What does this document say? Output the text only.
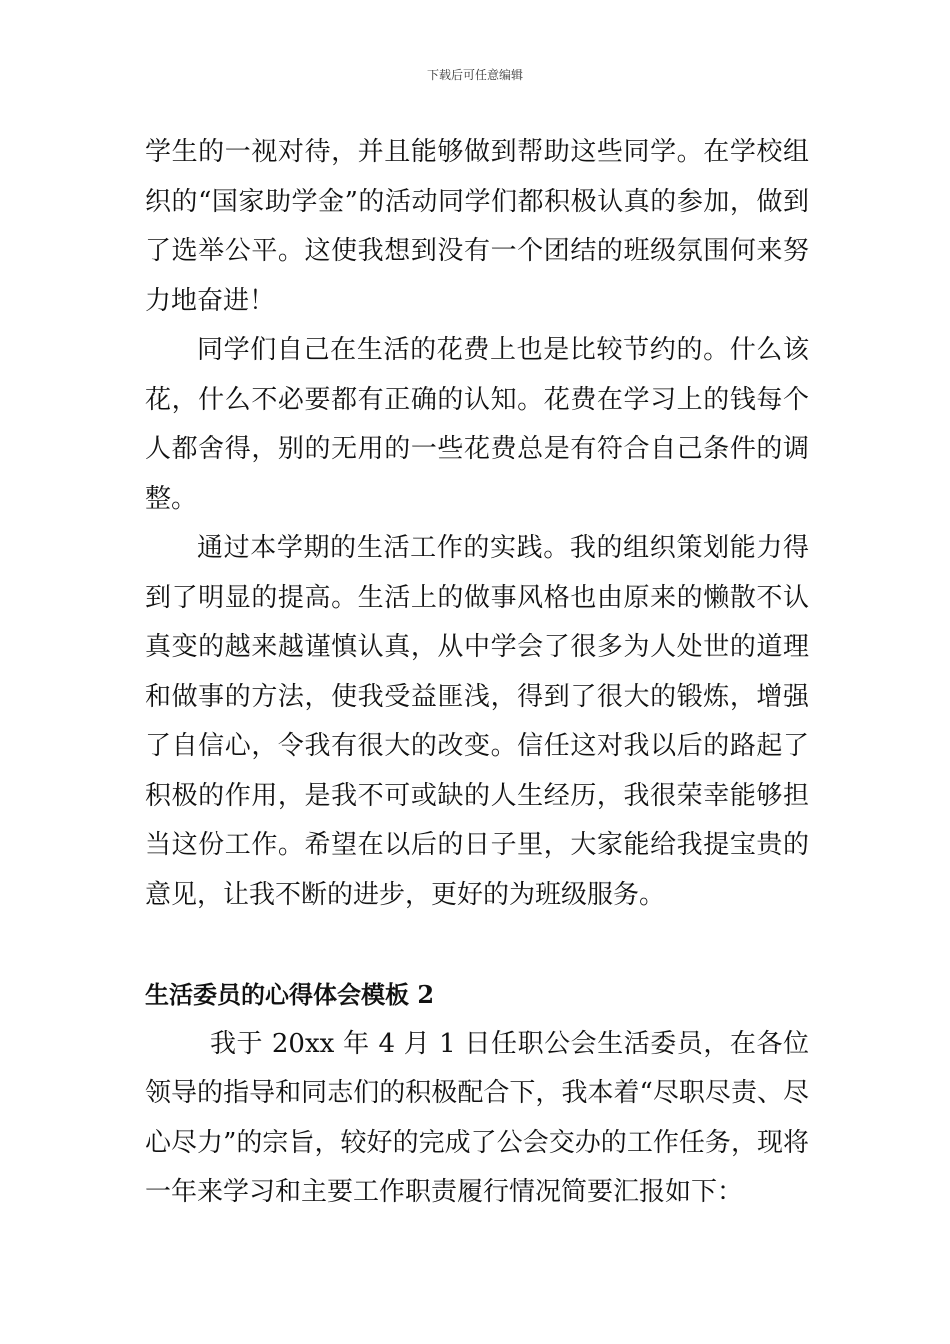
下载后可任意编辑

学生的一视对待，并且能够做到帮助这些同学。在学校组织的“国家助学金”的活动同学们都积极认真的参加，做到了选举公平。这使我想到没有一个团结的班级氛围何来努力地奋进！

同学们自己在生活的花费上也是比较节约的。什么该花，什么不必要都有正确的认知。花费在学习上的钱每个人都舍得，别的无用的一些花费总是有符合自己条件的调整。

通过本学期的生活工作的实践。我的组织策划能力得到了明显的提高。生活上的做事风格也由原来的懒散不认真变的越来越谨慎认真，从中学会了很多为人处世的道理和做事的方法，使我受益匪浅，得到了很大的锻炼，增强了自信心，令我有很大的改变。信任这对我以后的路起了积极的作用，是我不可或缺的人生经历，我很荣幸能够担当这份工作。希望在以后的日子里，大家能给我提宝贵的意见，让我不断的进步，更好的为班级服务。

生活委员的心得体会模板 2

我于 20xx 年 4 月 1 日任职公会生活委员，在各位领导的指导和同志们的积极配合下，我本着“尽职尽责、尽心尽力”的宗旨，较好的完成了公会交办的工作任务，现将一年来学习和主要工作职责履行情况简要汇报如下：
